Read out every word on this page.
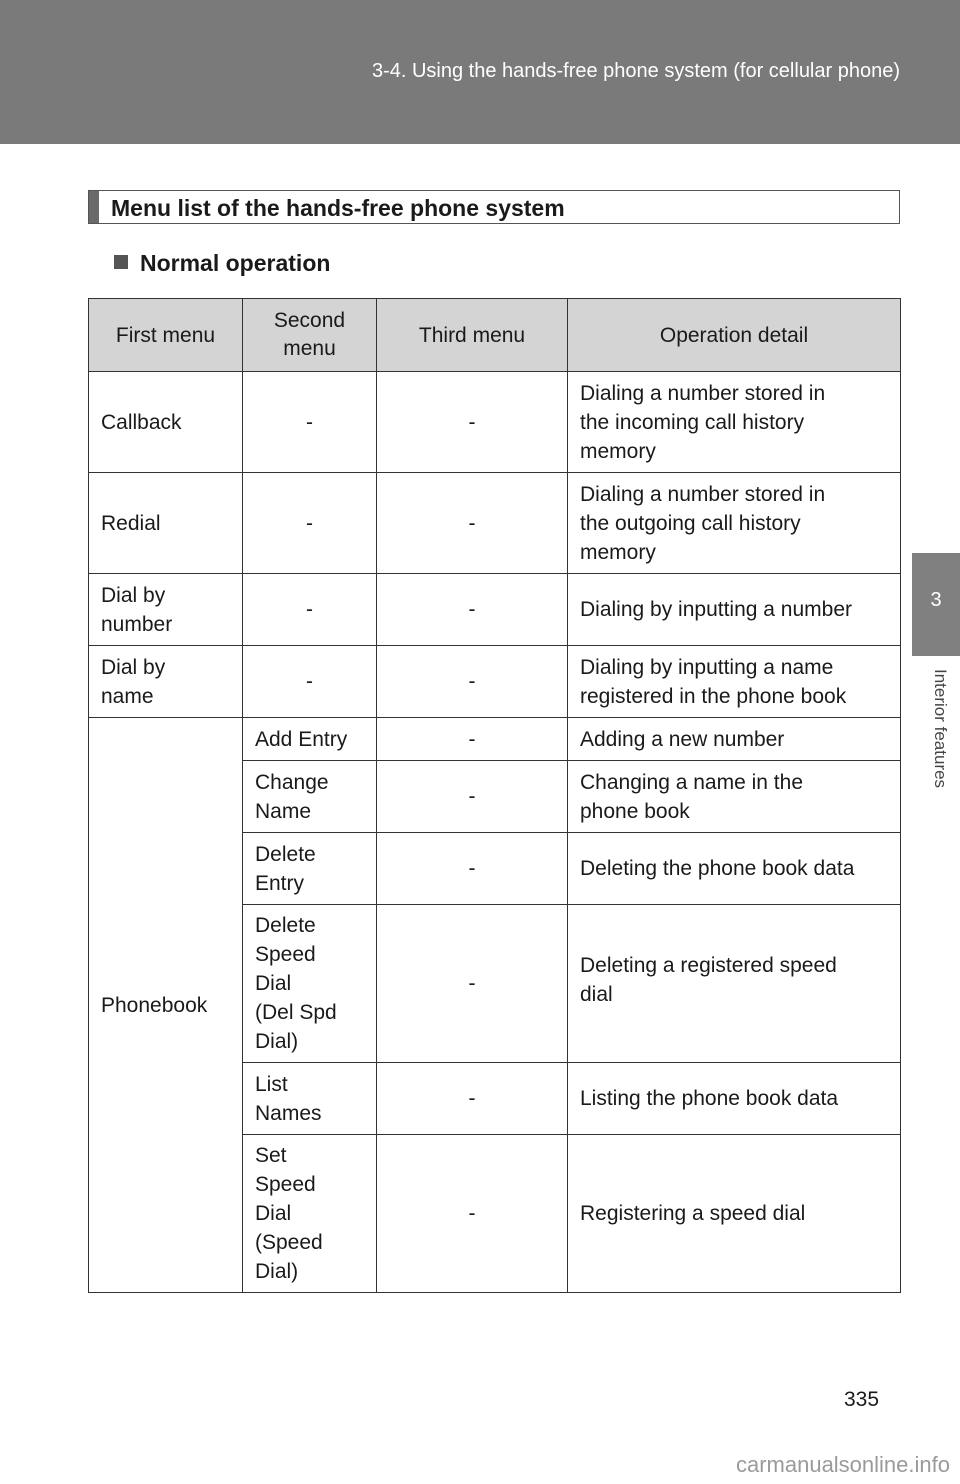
3-4. Using the hands-free phone system (for cellular phone)
3
Interior features
Menu list of the hands-free phone system
Normal operation
First menu	Second
menu	Third menu	Operation detail
Callback	-	-	Dialing a number stored in
the incoming call history
memory
Redial	-	-	Dialing a number stored in
the outgoing call history
memory
Dial by
number	-	-	Dialing by inputting a number
Dial by
name	-	-	Dialing by inputting a name
registered in the phone book
Phonebook	Add Entry	-	Adding a new number
	Change
Name	-	Changing a name in the
phone book
	Delete
Entry	-	Deleting the phone book data
	Delete
Speed
Dial
(Del Spd
Dial)	-	Deleting a registered speed
dial
	List
Names	-	Listing the phone book data
	Set
Speed
Dial
(Speed
Dial)	-	Registering a speed dial
335
carmanualsonline.info
